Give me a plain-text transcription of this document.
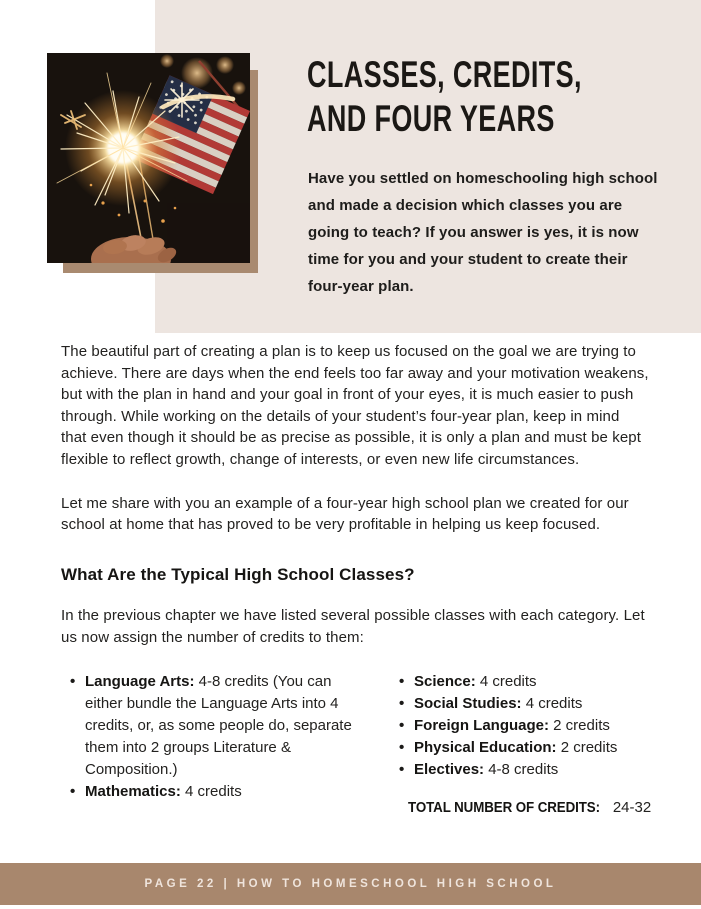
CLASSES, CREDITS,
AND FOUR YEARS

Have you settled on homeschooling high school and made a decision which classes you are going to teach? If you answer is yes, it is now time for you and your student to create their four-year plan.

The beautiful part of creating a plan is to keep us focused on the goal we are trying to achieve. There are days when the end feels too far away and your motivation weakens, but with the plan in hand and your goal in front of your eyes, it is much easier to push through. While working on the details of your student’s four-year plan, keep in mind that even though it should be as precise as possible, it is only a plan and must be kept flexible to reflect growth, change of interests, or even new life circumstances.

Let me share with you an example of a four-year high school plan we created for our school at home that has proved to be very profitable in helping us keep focused.

What Are the Typical High School Classes?

In the previous chapter we have listed several possible classes with each category. Let us now assign the number of credits to them:

• Language Arts: 4-8 credits (You can either bundle the Language Arts into 4 credits, or, as some people do, separate them into 2 groups Literature & Composition.)
• Mathematics: 4 credits
• Science: 4 credits
• Social Studies: 4 credits
• Foreign Language: 2 credits
• Physical Education: 2 credits
• Electives: 4-8 credits
TOTAL NUMBER OF CREDITS: 24-32
PAGE 22 | HOW TO HOMESCHOOL HIGH SCHOOL
